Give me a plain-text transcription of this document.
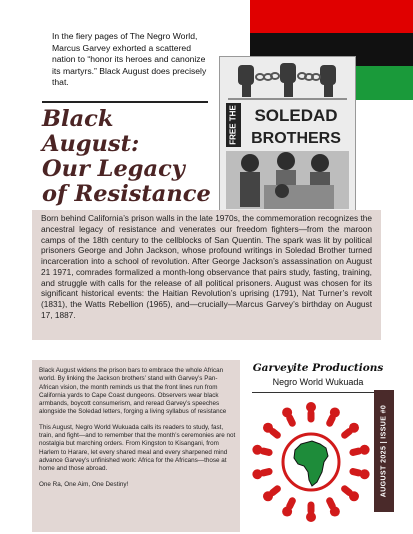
In the fiery pages of The Negro World, Marcus Garvey exhorted a scattered nation to “honor its heroes and canonize its martyrs.” Black August does precisely that.
Black
August:
Our Legacy
of Resistance
FREE THE SOLEDAD
BROTHERS
Born behind California’s prison walls in the late 1970s, the commemoration recognizes the ancestral legacy of resistance and venerates our freedom fighters—from the maroon camps of the 18th century to the cellblocks of San Quentin. The spark was lit by political prisoners George and John Jackson, whose profound writings in Soledad Brother turned incarceration into a school of revolution. After George Jackson’s assassination on August 21 1971, comrades formalized a month-long observance that pairs study, fasting, training, and struggle with calls for the release of all political prisoners. August was chosen for its significant historical events: the Haitian Revolution’s uprising (1791), Nat Turner’s revolt (1831), the Watts Rebellion (1965), and—crucially—Marcus Garvey’s birthday on August 17, 1887.

Black August widens the prison bars to embrace the whole African world. By linking the Jackson brothers’ stand with Garvey’s Pan-African vision, the month reminds us that the front lines run from California yards to Cape Coast dungeons. Observers wear black armbands, boycott consumerism, and reread Garvey’s speeches alongside the Soledad letters, forging a living syllabus of resistance

This August, Negro World Wukuada calls its readers to study, fast, train, and fight—and to remember that the month’s ceremonies are not nostalgia but marching orders. From Kingston to Kisangani, from Harlem to Harare, let every shared meal and every sharpened mind advance Garvey’s unfinished work: Africa for the Africans—those at home and those abroad.

One Ra, One Aim, One Destiny!

Garveyite Productions
Negro World Wukuada
AUGUST 2025 | ISSUE #0
